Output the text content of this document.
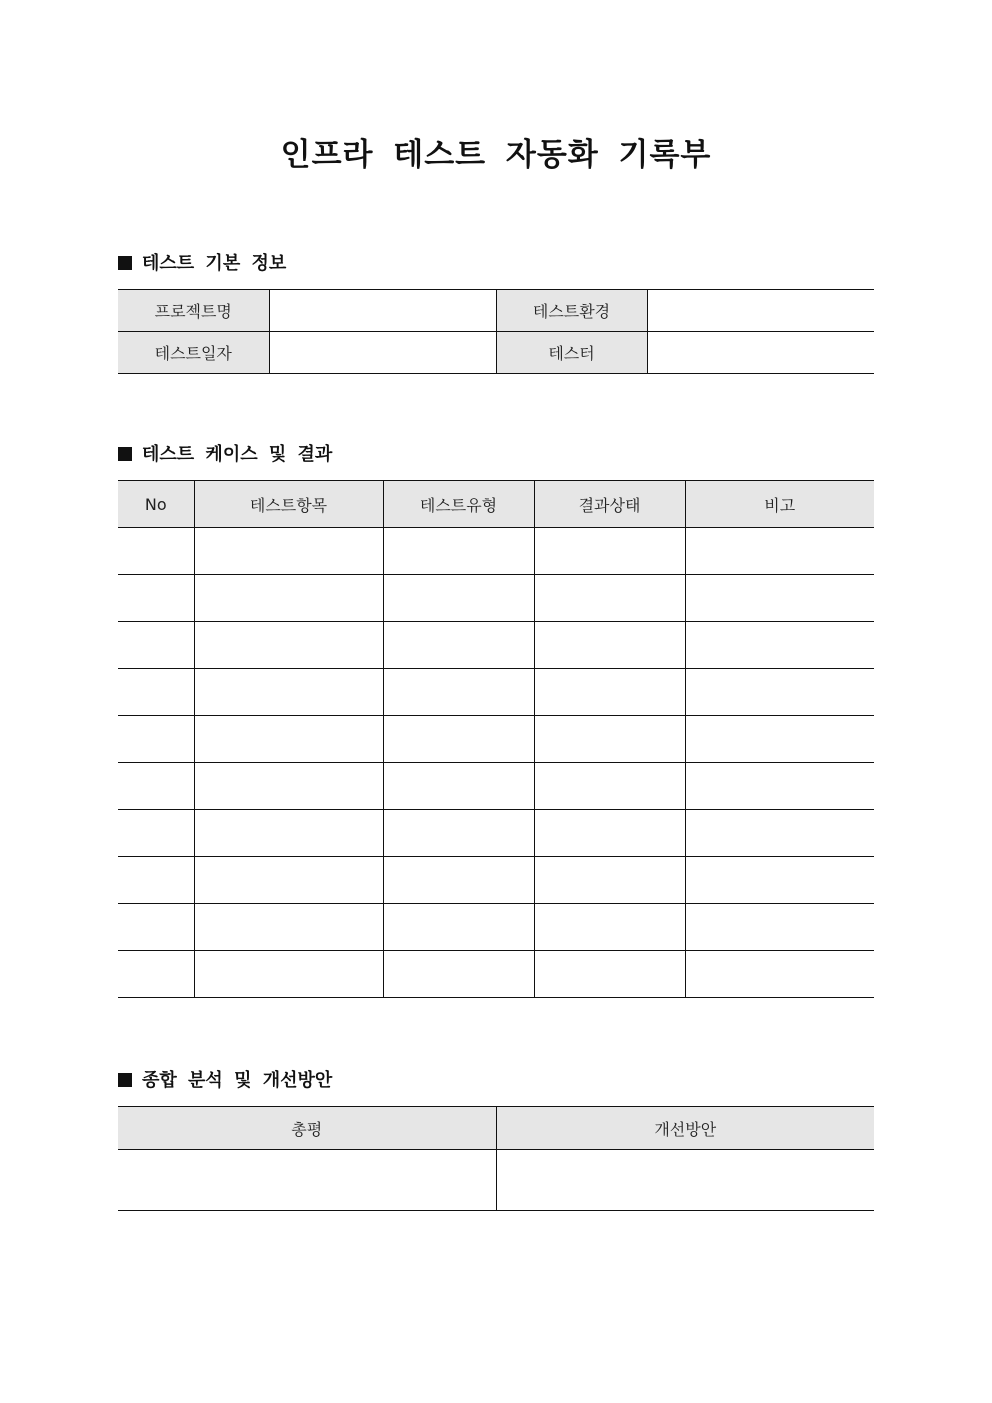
인프라 테스트 자동화 기록부
테스트 기본 정보
프로젝트명		테스트환경	
테스트일자		테스터	
테스트 케이스 및 결과
No	테스트항목	테스트유형	결과상태	비고

종합 분석 및 개선방안
총평	개선방안
